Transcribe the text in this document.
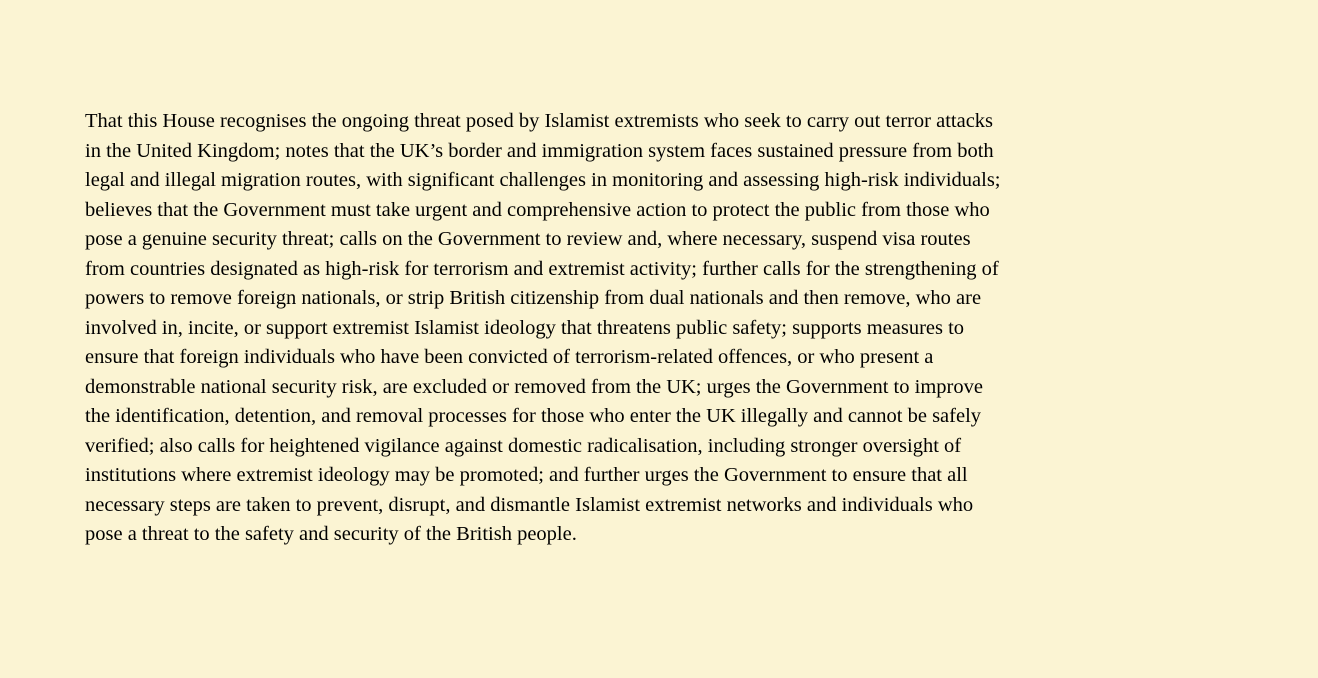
That this House recognises the ongoing threat posed by Islamist extremists who seek to carry out terror attacks
in the United Kingdom; notes that the UK’s border and immigration system faces sustained pressure from both
legal and illegal migration routes, with significant challenges in monitoring and assessing high-risk individuals;
believes that the Government must take urgent and comprehensive action to protect the public from those who
pose a genuine security threat; calls on the Government to review and, where necessary, suspend visa routes
from countries designated as high-risk for terrorism and extremist activity; further calls for the strengthening of
powers to remove foreign nationals, or strip British citizenship from dual nationals and then remove, who are
involved in, incite, or support extremist Islamist ideology that threatens public safety; supports measures to
ensure that foreign individuals who have been convicted of terrorism-related offences, or who present a
demonstrable national security risk, are excluded or removed from the UK; urges the Government to improve
the identification, detention, and removal processes for those who enter the UK illegally and cannot be safely
verified; also calls for heightened vigilance against domestic radicalisation, including stronger oversight of
institutions where extremist ideology may be promoted; and further urges the Government to ensure that all
necessary steps are taken to prevent, disrupt, and dismantle Islamist extremist networks and individuals who
pose a threat to the safety and security of the British people.
